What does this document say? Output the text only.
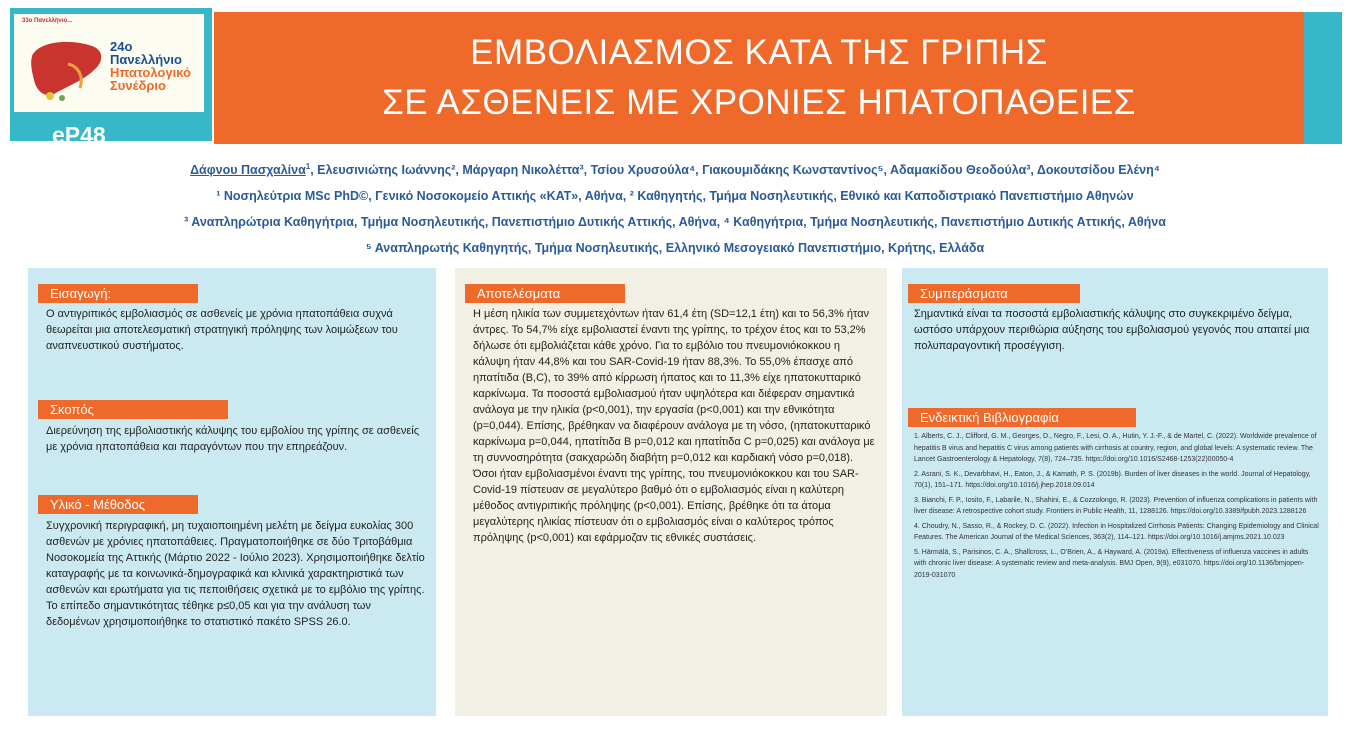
33ο Πανελλήνιο...
24ο Πανελλήνιο
Ηπατολογικό
Συνέδριο
eP48
ΕΜΒΟΛΙΑΣΜΟΣ ΚΑΤΑ ΤΗΣ ΓΡΙΠΗΣ
ΣΕ ΑΣΘΕΝΕΙΣ ΜΕ ΧΡΟΝΙΕΣ ΗΠΑΤΟΠΑΘΕΙΕΣ
Δάφνου Πασχαλίνα$^1$, Ελευσινιώτης Ιωάννης², Μάργαρη Νικολέττα³, Τσίου Χρυσούλα⁴, Γιακουμιδάκης Κωνσταντίνος⁵, Αδαμακίδου Θεοδούλα³, Δοκουτσίδου Ελένη⁴
¹ Νοσηλεύτρια MSc PhD©, Γενικό Νοσοκομείο Αττικής «ΚΑΤ», Αθήνα, ² Καθηγητής, Τμήμα Νοσηλευτικής, Εθνικό και Καποδιστριακό Πανεπιστήμιο Αθηνών
³ Αναπληρώτρια Καθηγήτρια, Τμήμα Νοσηλευτικής, Πανεπιστήμιο Δυτικής Αττικής, Αθήνα, ⁴ Καθηγήτρια, Τμήμα Νοσηλευτικής, Πανεπιστήμιο Δυτικής Αττικής, Αθήνα
⁵ Αναπληρωτής Καθηγητής, Τμήμα Νοσηλευτικής, Ελληνικό Μεσογειακό Πανεπιστήμιο, Κρήτης, Ελλάδα
Εισαγωγή:
Ο αντιγριπικός εμβολιασμός σε ασθενείς με χρόνια ηπατοπάθεια συχνά θεωρείται μια αποτελεσματική στρατηγική πρόληψης των λοιμώξεων του αναπνευστικού συστήματος.
Σκοπός
Διερεύνηση της εμβολιαστικής κάλυψης του εμβολίου της γρίπης σε ασθενείς με χρόνια ηπατοπάθεια και παραγόντων που την επηρεάζουν.
Υλικό - Μέθοδος
Συγχρονική περιγραφική, μη τυχαιοποιημένη μελέτη με δείγμα ευκολίας 300 ασθενών με χρόνιες ηπατοπάθειες. Πραγματοποιήθηκε σε δύο Τριτοβάθμια Νοσοκομεία της Αττικής (Μάρτιο 2022 - Ιούλιο 2023). Χρησιμοποιήθηκε δελτίο καταγραφής με τα κοινωνικά-δημογραφικά και κλινικά χαρακτηριστικά των ασθενών και ερωτήματα για τις πεποιθήσεις σχετικά με το εμβόλιο της γρίπης. Το επίπεδο σημαντικότητας τέθηκε p≤0,05 και για την ανάλυση των δεδομένων χρησιμοποιήθηκε το στατιστικό πακέτο SPSS 26.0.
Αποτελέσματα
Η μέση ηλικία των συμμετεχόντων ήταν 61,4 έτη (SD=12,1 έτη) και το 56,3% ήταν άντρες. Το 54,7% είχε εμβολιαστεί έναντι της γρίπης, το τρέχον έτος και το 53,2% δήλωσε ότι εμβολιάζεται κάθε χρόνο. Για το εμβόλιο του πνευμονιόκοκκου η κάλυψη ήταν 44,8% και του SAR-Covid-19 ήταν 88,3%. Το 55,0% έπασχε από ηπατίτιδα (B,C), το 39% από κίρρωση ήπατος και το 11,3% είχε ηπατοκυτταρικό καρκίνωμα. Τα ποσοστά εμβολιασμού ήταν υψηλότερα και διέφεραν σημαντικά ανάλογα με την ηλικία (p<0,001), την εργασία (p<0,001) και την εθνικότητα (p=0,044). Επίσης, βρέθηκαν να διαφέρουν ανάλογα με τη νόσο, (ηπατοκυτταρικό καρκίνωμα p=0,044, ηπατίτιδα Β p=0,012 και ηπατίτιδα C p=0,025) και ανάλογα με τη συννοσηρότητα (σακχαρώδη διαβήτη p=0,012 και καρδιακή νόσο p=0,018). Όσοι ήταν εμβολιασμένοι έναντι της γρίπης, του πνευμονιόκοκκου και του SAR-Covid-19 πίστευαν σε μεγαλύτερο βαθμό ότι ο εμβολιασμός είναι η καλύτερη μέθοδος αντιγριπικής πρόληψης (p<0,001). Επίσης, βρέθηκε ότι τα άτομα μεγαλύτερης ηλικίας πίστευαν ότι ο εμβολιασμός είναι ο καλύτερος τρόπος πρόληψης (p<0,001) και εφάρμοζαν τις εθνικές συστάσεις.
Συμπεράσματα
Σημαντικά είναι τα ποσοστά εμβολιαστικής κάλυψης στο συγκεκριμένο δείγμα, ωστόσο υπάρχουν περιθώρια αύξησης του εμβολιασμού γεγονός που απαιτεί μια πολυπαραγοντική προσέγγιση.
Ενδεικτική Βιβλιογραφία

1. Alberts, C. J., Clifford, G. M., Georges, D., Negro, F., Lesi, O. A., Hutin, Y. J.-F., & de Martel, C. (2022). Worldwide prevalence of hepatitis B virus and hepatitis C virus among patients with cirrhosis at country, region, and global levels: A systematic review. The Lancet Gastroenterology & Hepatology, 7(8), 724–735. https://doi.org/10.1016/S2468-1253(22)00050-4

2. Asrani, S. K., Devarbhavi, H., Eaton, J., & Kamath, P. S. (2019b). Burden of liver diseases in the world. Journal of Hepatology, 70(1), 151–171. https://doi.org/10.1016/j.jhep.2018.09.014

3. Bianchi, F. P., Iosito, F., Labarile, N., Shahini, E., & Cozzolongo, R. (2023). Prevention of influenza complications in patients with liver disease: A retrospective cohort study. Frontiers in Public Health, 11, 1288126. https://doi.org/10.3389/fpubh.2023.1288126

4. Choudry, N., Sasso, R., & Rockey, D. C. (2022). Infection in Hospitalized Cirrhosis Patients: Changing Epidemiology and Clinical Features. The American Journal of the Medical Sciences, 363(2), 114–121. https://doi.org/10.1016/j.amjms.2021.10.023

5. Härmälä, S., Parisinos, C. A., Shallcross, L., O’Brien, A., & Hayward, A. (2019a). Effectiveness of influenza vaccines in adults with chronic liver disease: A systematic review and meta-analysis. BMJ Open, 9(9), e031070. https://doi.org/10.1136/bmjopen-2019-031070
